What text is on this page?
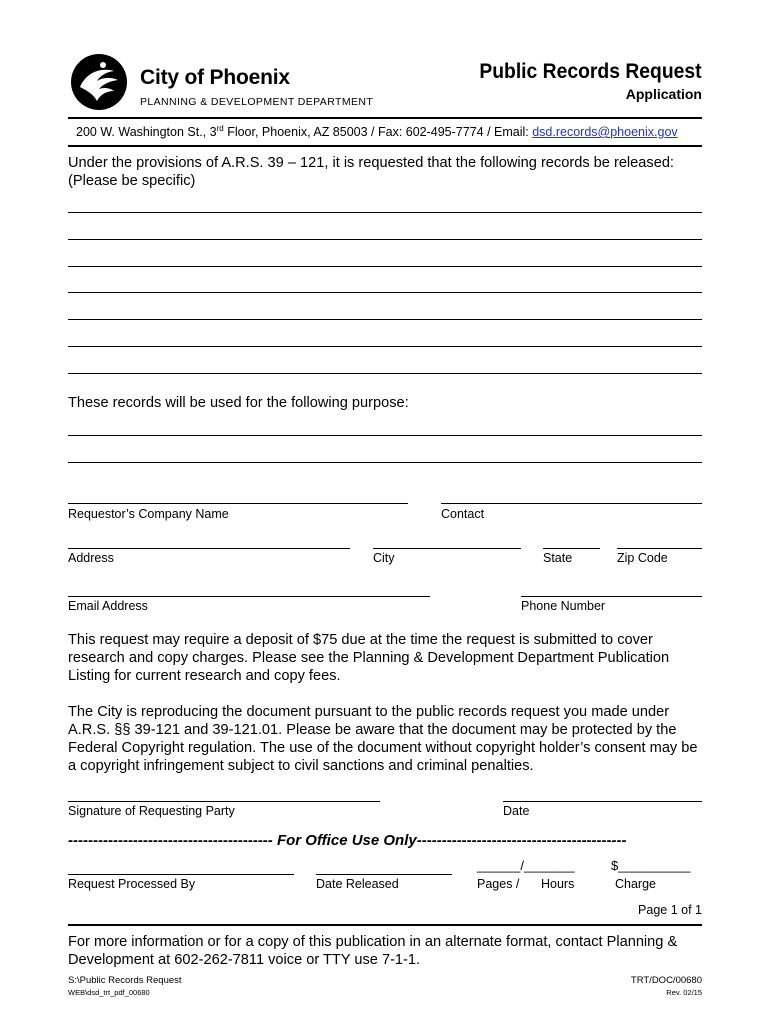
City of Phoenix
PLANNING & DEVELOPMENT DEPARTMENT
Public Records Request
Application
200 W. Washington St., 3rd Floor, Phoenix, AZ 85003 / Fax: 602-495-7774 / Email: dsd.records@phoenix.gov
Under the provisions of A.R.S. 39 – 121, it is requested that the following records be released:
(Please be specific)
These records will be used for the following purpose:
Requestor’s Company Name	Contact
Address	City	State	Zip Code
Email Address	Phone Number
This request may require a deposit of $75 due at the time the request is submitted to cover research and copy charges. Please see the Planning & Development Department Publication Listing for current research and copy fees.
The City is reproducing the document pursuant to the public records request you made under A.R.S. §§ 39-121 and 39-121.01. Please be aware that the document may be protected by the Federal Copyright regulation. The use of the document without copyright holder’s consent may be a copyright infringement subject to civil sanctions and criminal penalties.
Signature of Requesting Party	Date
----------------------------------------- For Office Use Only------------------------------------------
______/_______	$__________
Request Processed By	Date Released	Pages / Hours	Charge
Page 1 of 1
For more information or for a copy of this publication in an alternate format, contact Planning & Development at 602-262-7811 voice or TTY use 7-1-1.
S:\Public Records Request
WEB\dsd_trt_pdf_00680
TRT/DOC/00680
Rev. 02/15
